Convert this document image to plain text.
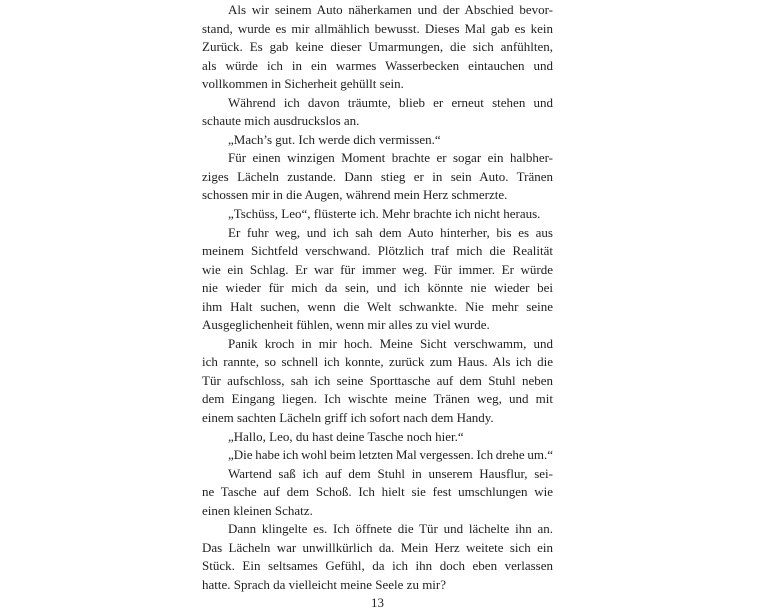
Als wir seinem Auto näherkamen und der Abschied bevor-
stand, wurde es mir allmählich bewusst. Dieses Mal gab es kein
Zurück. Es gab keine dieser Umarmungen, die sich anfühlten,
als würde ich in ein warmes Wasserbecken eintauchen und
vollkommen in Sicherheit gehüllt sein.
Während ich davon träumte, blieb er erneut stehen und
schaute mich ausdruckslos an.
„Mach’s gut. Ich werde dich vermissen.“
Für einen winzigen Moment brachte er sogar ein halbher-
ziges Lächeln zustande. Dann stieg er in sein Auto. Tränen
schossen mir in die Augen, während mein Herz schmerzte.
„Tschüss, Leo“, flüsterte ich. Mehr brachte ich nicht heraus.
Er fuhr weg, und ich sah dem Auto hinterher, bis es aus
meinem Sichtfeld verschwand. Plötzlich traf mich die Realität
wie ein Schlag. Er war für immer weg. Für immer. Er würde
nie wieder für mich da sein, und ich könnte nie wieder bei
ihm Halt suchen, wenn die Welt schwankte. Nie mehr seine
Ausgeglichenheit fühlen, wenn mir alles zu viel wurde.
Panik kroch in mir hoch. Meine Sicht verschwamm, und
ich rannte, so schnell ich konnte, zurück zum Haus. Als ich die
Tür aufschloss, sah ich seine Sporttasche auf dem Stuhl neben
dem Eingang liegen. Ich wischte meine Tränen weg, und mit
einem sachten Lächeln griff ich sofort nach dem Handy.
„Hallo, Leo, du hast deine Tasche noch hier.“
„Die habe ich wohl beim letzten Mal vergessen. Ich drehe um.“
Wartend saß ich auf dem Stuhl in unserem Hausflur, sei-
ne Tasche auf dem Schoß. Ich hielt sie fest umschlungen wie
einen kleinen Schatz.
Dann klingelte es. Ich öffnete die Tür und lächelte ihn an.
Das Lächeln war unwillkürlich da. Mein Herz weitete sich ein
Stück. Ein seltsames Gefühl, da ich ihn doch eben verlassen
hatte. Sprach da vielleicht meine Seele zu mir?
13
